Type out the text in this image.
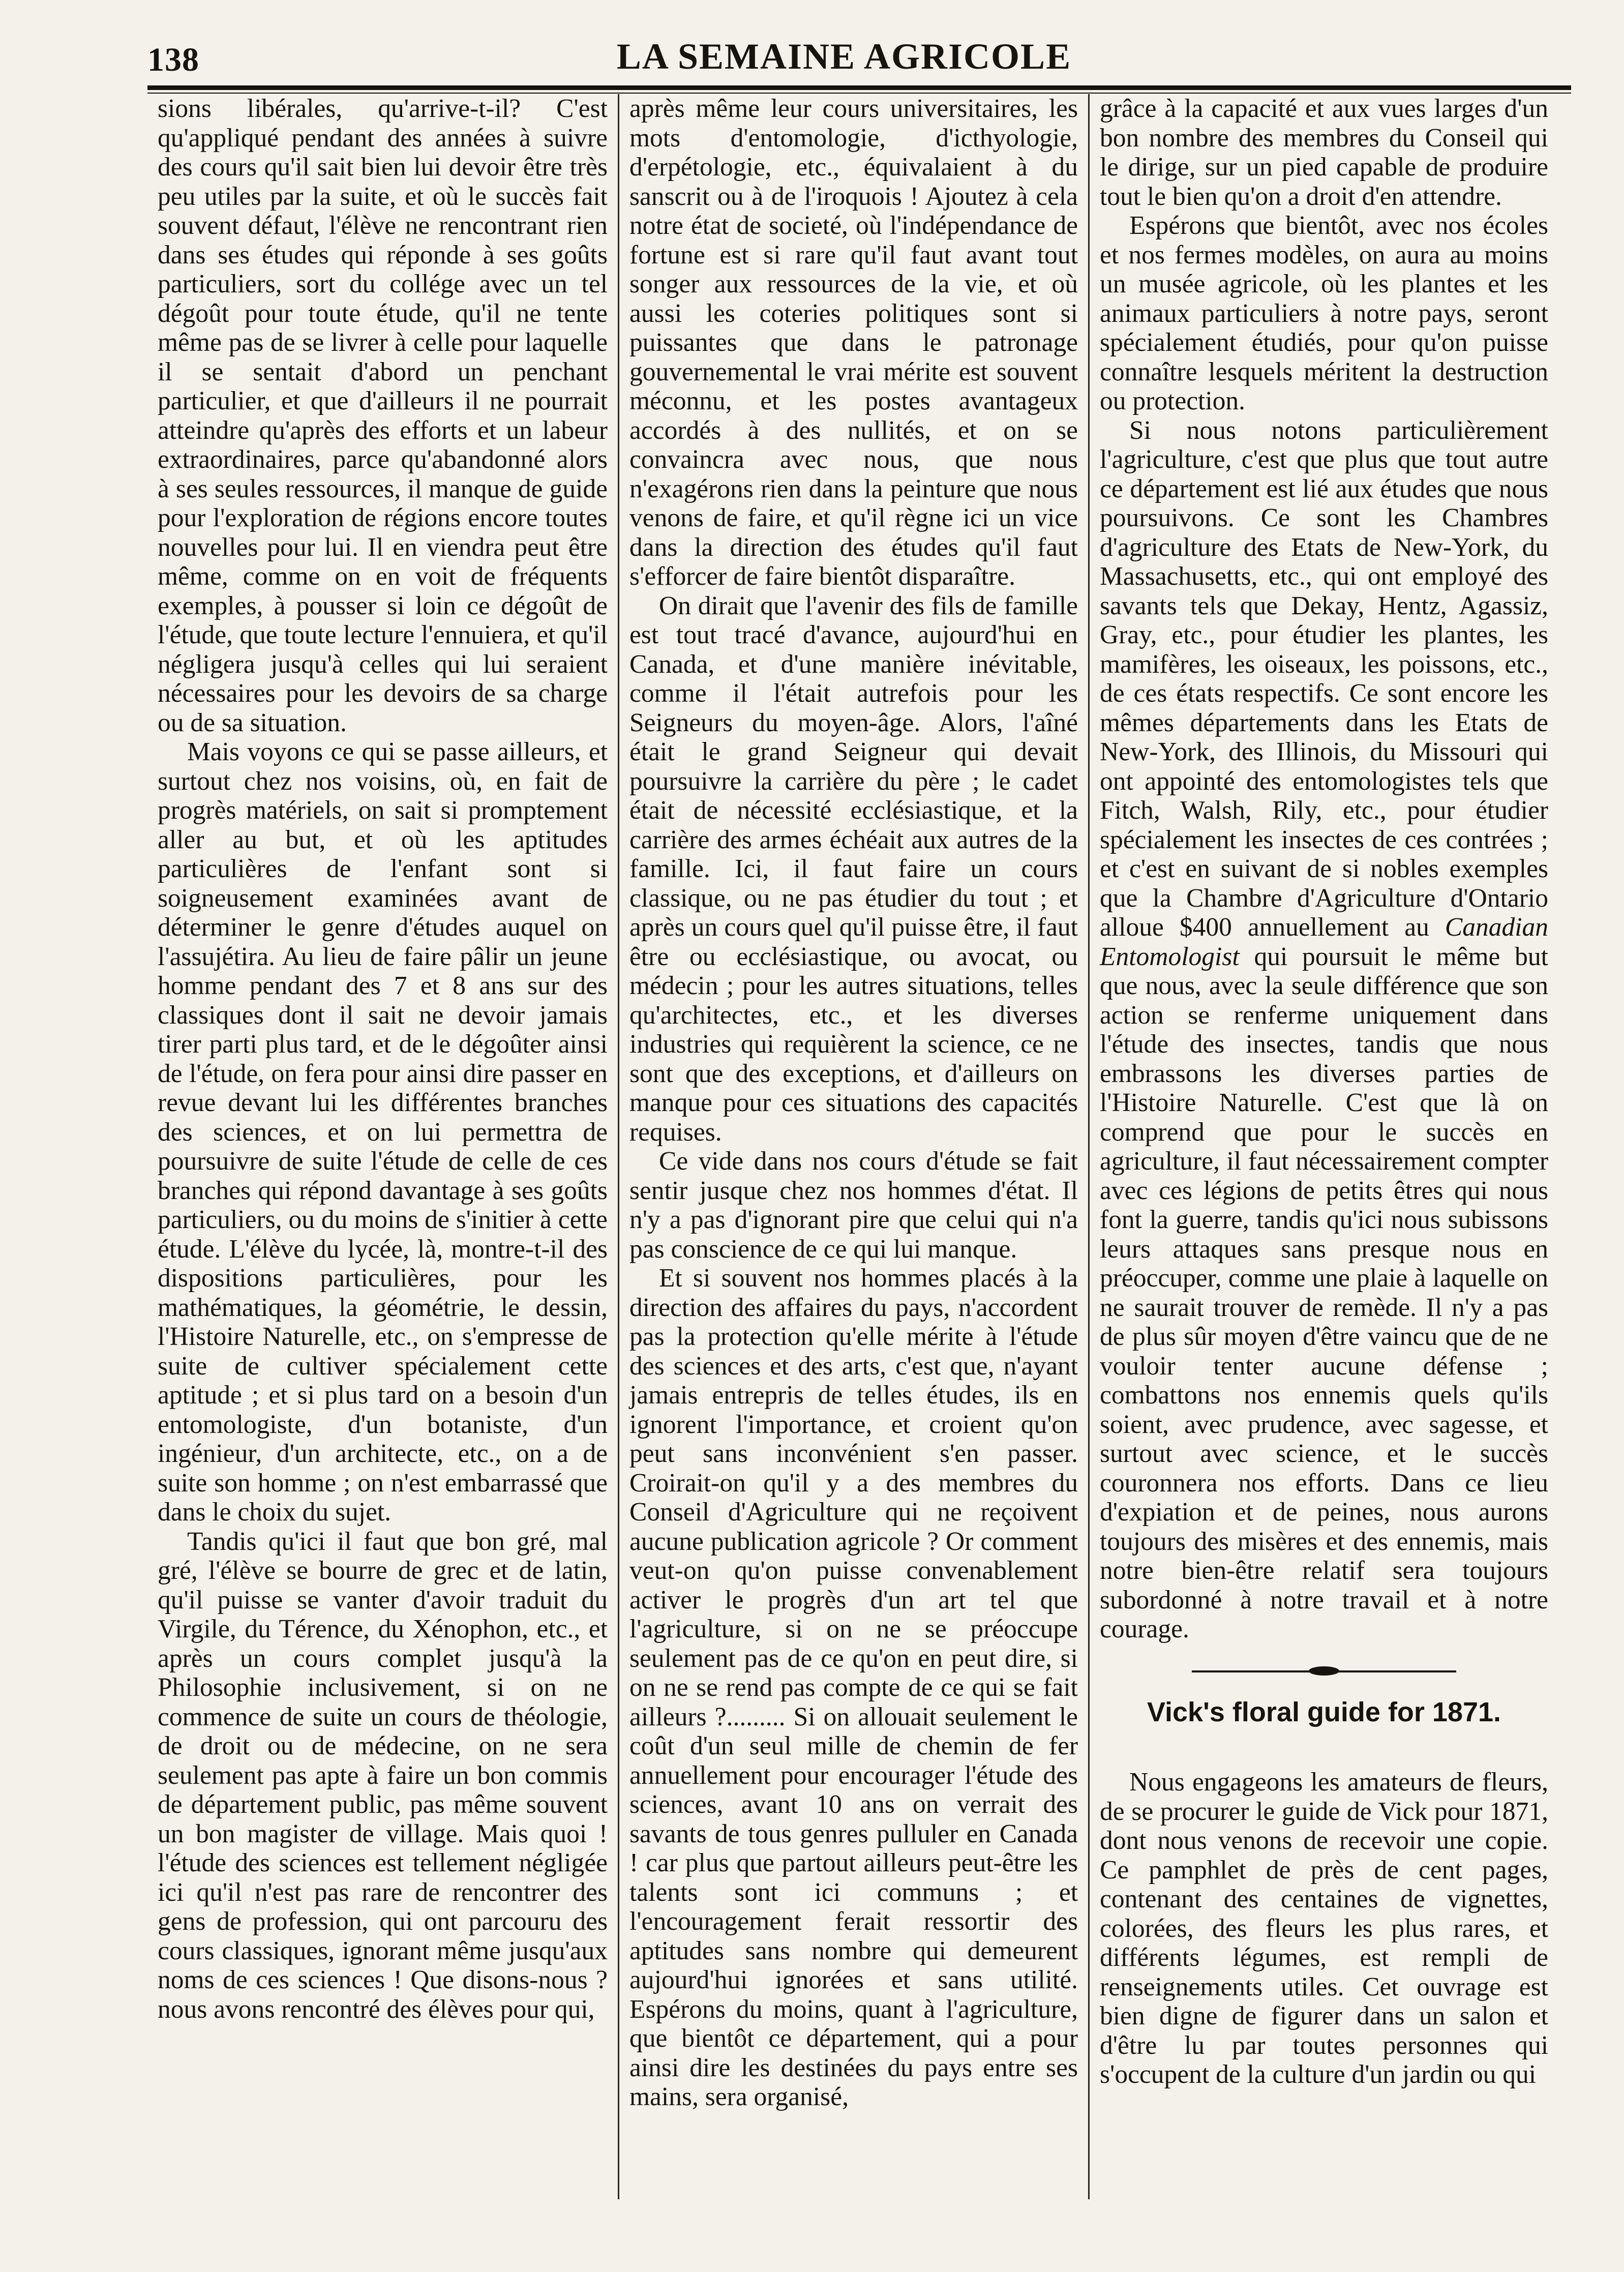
138	LA SEMAINE AGRICOLE

sions libérales, qu'arrive-t-il? C'est qu'appliqué pendant des années à suivre des cours qu'il sait bien lui devoir être très peu utiles par la suite, et où le succès fait souvent défaut, l'élève ne rencontrant rien dans ses études qui réponde à ses goûts particuliers, sort du collége avec un tel dégoût pour toute étude, qu'il ne tente même pas de se livrer à celle pour laquelle il se sentait d'abord un penchant particulier, et que d'ailleurs il ne pourrait atteindre qu'après des efforts et un labeur extraordinaires, parce qu'abandonné alors à ses seules ressources, il manque de guide pour l'exploration de régions encore toutes nouvelles pour lui. Il en viendra peut être même, comme on en voit de fréquents exemples, à pousser si loin ce dégoût de l'étude, que toute lecture l'ennuiera, et qu'il négligera jusqu'à celles qui lui seraient nécessaires pour les devoirs de sa charge ou de sa situation.

Mais voyons ce qui se passe ailleurs, et surtout chez nos voisins, où, en fait de progrès matériels, on sait si promptement aller au but, et où les aptitudes particulières de l'enfant sont si soigneusement examinées avant de déterminer le genre d'études auquel on l'assujétira. Au lieu de faire pâlir un jeune homme pendant des 7 et 8 ans sur des classiques dont il sait ne devoir jamais tirer parti plus tard, et de le dégoûter ainsi de l'étude, on fera pour ainsi dire passer en revue devant lui les différentes branches des sciences, et on lui permettra de poursuivre de suite l'étude de celle de ces branches qui répond davantage à ses goûts particuliers, ou du moins de s'initier à cette étude. L'élève du lycée, là, montre-t-il des dispositions particulières, pour les mathématiques, la géométrie, le dessin, l'Histoire Naturelle, etc., on s'empresse de suite de cultiver spécialement cette aptitude ; et si plus tard on a besoin d'un entomologiste, d'un botaniste, d'un ingénieur, d'un architecte, etc., on a de suite son homme ; on n'est embarrassé que dans le choix du sujet.

Tandis qu'ici il faut que bon gré, mal gré, l'élève se bourre de grec et de latin, qu'il puisse se vanter d'avoir traduit du Virgile, du Térence, du Xénophon, etc., et après un cours complet jusqu'à la Philosophie inclusivement, si on ne commence de suite un cours de théologie, de droit ou de médecine, on ne sera seulement pas apte à faire un bon commis de département public, pas même souvent un bon magister de village. Mais quoi ! l'étude des sciences est tellement négligée ici qu'il n'est pas rare de rencontrer des gens de profession, qui ont parcouru des cours classiques, ignorant même jusqu'aux noms de ces sciences ! Que disons-nous ? nous avons rencontré des élèves pour qui,

après même leur cours universitaires, les mots d'entomologie, d'icthyologie, d'erpétologie, etc., équivalaient à du sanscrit ou à de l'iroquois ! Ajoutez à cela notre état de societé, où l'indépendance de fortune est si rare qu'il faut avant tout songer aux ressources de la vie, et où aussi les coteries politiques sont si puissantes que dans le patronage gouvernemental le vrai mérite est souvent méconnu, et les postes avantageux accordés à des nullités, et on se convaincra avec nous, que nous n'exagérons rien dans la peinture que nous venons de faire, et qu'il règne ici un vice dans la direction des études qu'il faut s'efforcer de faire bientôt disparaître.

On dirait que l'avenir des fils de famille est tout tracé d'avance, aujourd'hui en Canada, et d'une manière inévitable, comme il l'était autrefois pour les Seigneurs du moyen-âge. Alors, l'aîné était le grand Seigneur qui devait poursuivre la carrière du père ; le cadet était de nécessité ecclésiastique, et la carrière des armes échéait aux autres de la famille. Ici, il faut faire un cours classique, ou ne pas étudier du tout ; et après un cours quel qu'il puisse être, il faut être ou ecclésiastique, ou avocat, ou médecin ; pour les autres situations, telles qu'architectes, etc., et les diverses industries qui requièrent la science, ce ne sont que des exceptions, et d'ailleurs on manque pour ces situations des capacités requises.

Ce vide dans nos cours d'étude se fait sentir jusque chez nos hommes d'état. Il n'y a pas d'ignorant pire que celui qui n'a pas conscience de ce qui lui manque.

Et si souvent nos hommes placés à la direction des affaires du pays, n'accordent pas la protection qu'elle mérite à l'étude des sciences et des arts, c'est que, n'ayant jamais entrepris de telles études, ils en ignorent l'importance, et croient qu'on peut sans inconvénient s'en passer. Croirait-on qu'il y a des membres du Conseil d'Agriculture qui ne reçoivent aucune publication agricole ? Or comment veut-on qu'on puisse convenablement activer le progrès d'un art tel que l'agriculture, si on ne se préoccupe seulement pas de ce qu'on en peut dire, si on ne se rend pas compte de ce qui se fait ailleurs ?......... Si on allouait seulement le coût d'un seul mille de chemin de fer annuellement pour encourager l'étude des sciences, avant 10 ans on verrait des savants de tous genres pulluler en Canada ! car plus que partout ailleurs peut-être les talents sont ici communs ; et l'encouragement ferait ressortir des aptitudes sans nombre qui demeurent aujourd'hui ignorées et sans utilité. Espérons du moins, quant à l'agriculture, que bientôt ce département, qui a pour ainsi dire les destinées du pays entre ses mains, sera organisé,

grâce à la capacité et aux vues larges d'un bon nombre des membres du Conseil qui le dirige, sur un pied capable de produire tout le bien qu'on a droit d'en attendre.

Espérons que bientôt, avec nos écoles et nos fermes modèles, on aura au moins un musée agricole, où les plantes et les animaux particuliers à notre pays, seront spécialement étudiés, pour qu'on puisse connaître lesquels méritent la destruction ou protection.

Si nous notons particulièrement l'agriculture, c'est que plus que tout autre ce département est lié aux études que nous poursuivons. Ce sont les Chambres d'agriculture des Etats de New-York, du Massachusetts, etc., qui ont employé des savants tels que Dekay, Hentz, Agassiz, Gray, etc., pour étudier les plantes, les mamifères, les oiseaux, les poissons, etc., de ces états respectifs. Ce sont encore les mêmes départements dans les Etats de New-York, des Illinois, du Missouri qui ont appointé des entomologistes tels que Fitch, Walsh, Rily, etc., pour étudier spécialement les insectes de ces contrées ; et c'est en suivant de si nobles exemples que la Chambre d'Agriculture d'Ontario alloue $400 annuellement au Canadian Entomologist qui poursuit le même but que nous, avec la seule différence que son action se renferme uniquement dans l'étude des insectes, tandis que nous embrassons les diverses parties de l'Histoire Naturelle. C'est que là on comprend que pour le succès en agriculture, il faut nécessairement compter avec ces légions de petits êtres qui nous font la guerre, tandis qu'ici nous subissons leurs attaques sans presque nous en préoccuper, comme une plaie à laquelle on ne saurait trouver de remède. Il n'y a pas de plus sûr moyen d'être vaincu que de ne vouloir tenter aucune défense ; combattons nos ennemis quels qu'ils soient, avec prudence, avec sagesse, et surtout avec science, et le succès couronnera nos efforts. Dans ce lieu d'expiation et de peines, nous aurons toujours des misères et des ennemis, mais notre bien-être relatif sera toujours subordonné à notre travail et à notre courage.

Vick's floral guide for 1871.

Nous engageons les amateurs de fleurs, de se procurer le guide de Vick pour 1871, dont nous venons de recevoir une copie. Ce pamphlet de près de cent pages, contenant des centaines de vignettes, colorées, des fleurs les plus rares, et différents légumes, est rempli de renseignements utiles. Cet ouvrage est bien digne de figurer dans un salon et d'être lu par toutes personnes qui s'occupent de la culture d'un jardin ou qui
